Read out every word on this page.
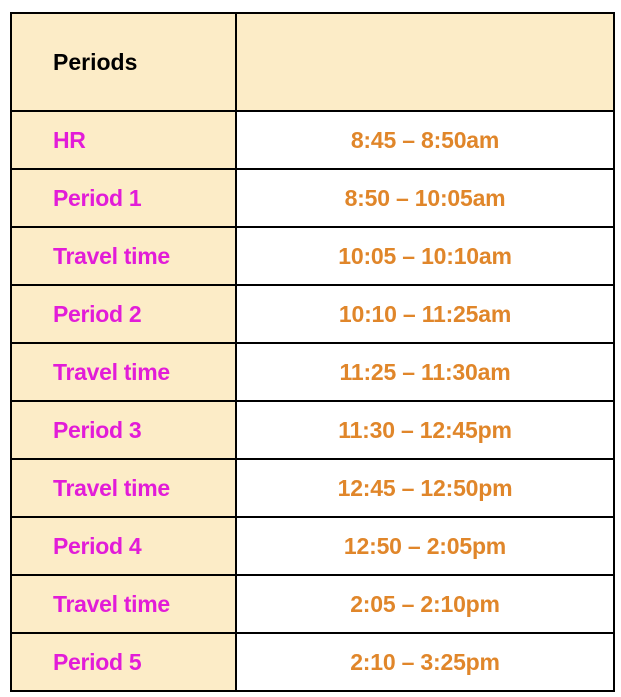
Periods	
HR	8:45 – 8:50am
Period 1	8:50 – 10:05am
Travel time	10:05 – 10:10am
Period 2	10:10 – 11:25am
Travel time	11:25 – 11:30am
Period 3	11:30 – 12:45pm
Travel time	12:45 – 12:50pm
Period 4	12:50 – 2:05pm
Travel time	2:05 – 2:10pm
Period 5	2:10 – 3:25pm
